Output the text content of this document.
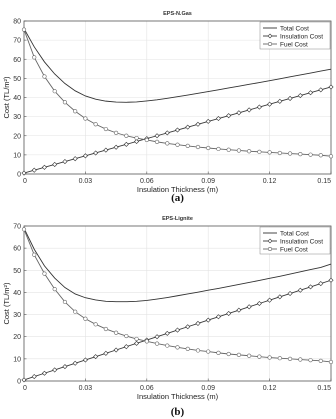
0	0.03	0.06	0.09	0.12	0.15
0
10
20
30
40
50
60
70
80
EPS-N.Gas
Insulation Thickness (m)
Cost (TL/m²)
(a)
Total Cost
Insulation Cost
Fuel Cost
0	0.03	0.06	0.09	0.12	0.15
0
10
20
30
40
50
60
70
EPS-Lignite
Insulation Thickness (m)
Cost (TL/m²)
(b)
Total Cost
Insulation Cost
Fuel Cost
